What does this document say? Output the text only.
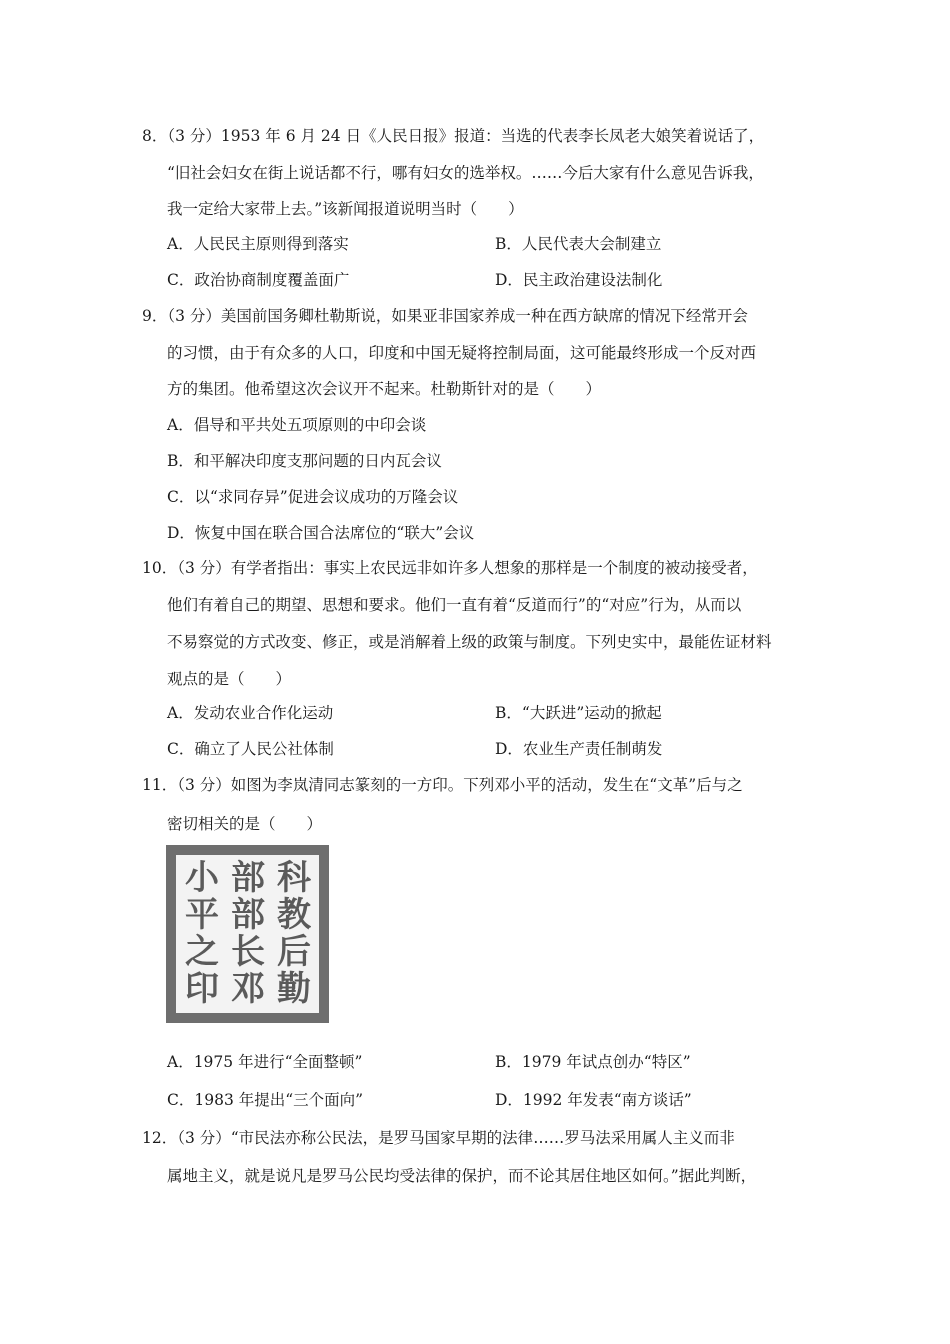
8．（3 分）1953 年 6 月 24 日《人民日报》报道：当选的代表李长凤老大娘笑着说话了，
“旧社会妇女在街上说话都不行，哪有妇女的选举权。……今后大家有什么意见告诉我，
我一定给大家带上去。”该新闻报道说明当时（　　）
A．人民民主原则得到落实	B．人民代表大会制建立
C．政治协商制度覆盖面广	D．民主政治建设法制化
9．（3 分）美国前国务卿杜勒斯说，如果亚非国家养成一种在西方缺席的情况下经常开会
的习惯，由于有众多的人口，印度和中国无疑将控制局面，这可能最终形成一个反对西
方的集团。他希望这次会议开不起来。杜勒斯针对的是（　　）
A．倡导和平共处五项原则的中印会谈
B．和平解决印度支那问题的日内瓦会议
C．以“求同存异”促进会议成功的万隆会议
D．恢复中国在联合国合法席位的“联大”会议
10．（3 分）有学者指出：事实上农民远非如许多人想象的那样是一个制度的被动接受者，
他们有着自己的期望、思想和要求。他们一直有着“反道而行”的“对应”行为，从而以
不易察觉的方式改变、修正，或是消解着上级的政策与制度。下列史实中，最能佐证材料
观点的是（　　）
A．发动农业合作化运动	B．“大跃进”运动的掀起
C．确立了人民公社体制	D．农业生产责任制萌发
11．（3 分）如图为李岚清同志篆刻的一方印。下列邓小平的活动，发生在“文革”后与之
密切相关的是（　　）
科教后勤
部部长邓
小平之印
A．1975 年进行“全面整顿”	B．1979 年试点创办“特区”
C．1983 年提出“三个面向”	D．1992 年发表“南方谈话”
12．（3 分）“市民法亦称公民法，是罗马国家早期的法律……罗马法采用属人主义而非
属地主义，就是说凡是罗马公民均受法律的保护，而不论其居住地区如何。”据此判断，
